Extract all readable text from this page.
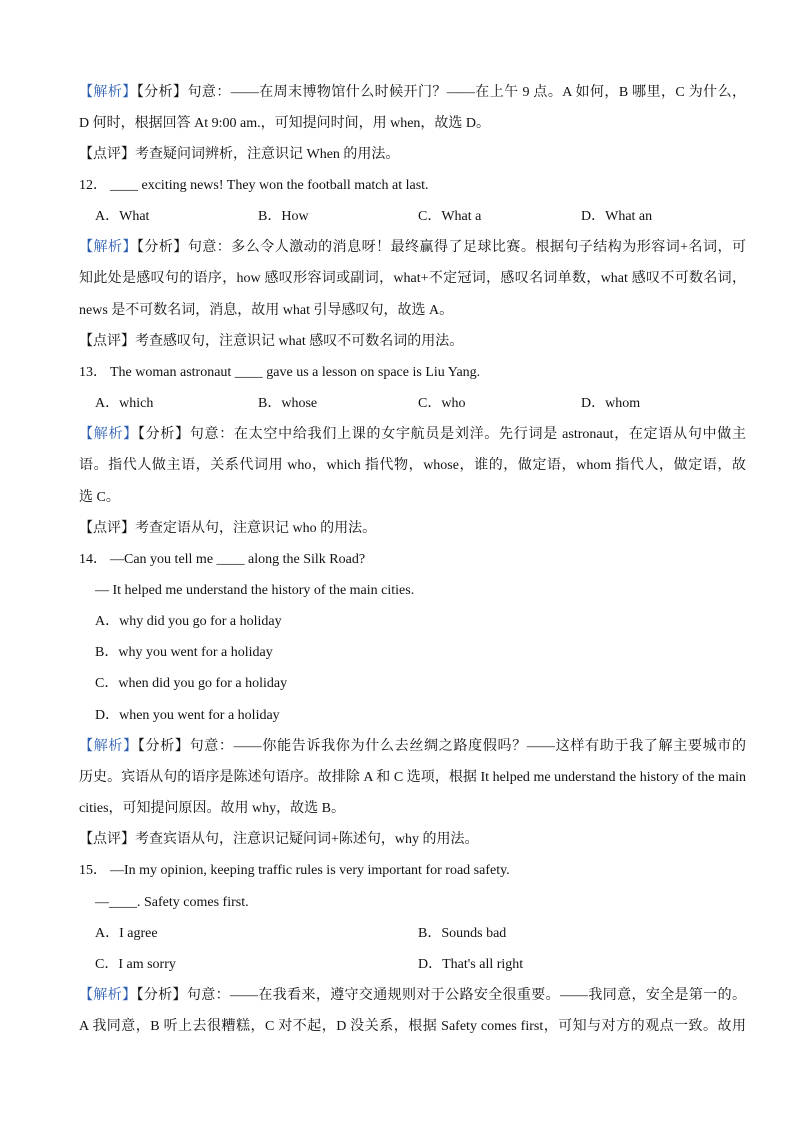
【解析】【分析】句意：——在周末博物馆什么时候开门？——在上午 9 点。A 如何，B 哪里，C 为什么，
D 何时，根据回答 At 9:00 am.，可知提问时间，用 when，故选 D。
【点评】考查疑问词辨析，注意识记 When 的用法。
12． ____ exciting news! They won the football match at last.
A．What	B．How	C．What a	D．What an
【解析】【分析】句意：多么令人激动的消息呀！最终赢得了足球比赛。根据句子结构为形容词+名词，可
知此处是感叹句的语序，how 感叹形容词或副词，what+不定冠词，感叹名词单数，what 感叹不可数名词，
news 是不可数名词，消息，故用 what 引导感叹句，故选 A。
【点评】考查感叹句，注意识记 what 感叹不可数名词的用法。
13． The woman astronaut ____ gave us a lesson on space is Liu Yang.
A．which	B．whose	C．who	D．whom
【解析】【分析】句意：在太空中给我们上课的女宇航员是刘洋。先行词是 astronaut，在定语从句中做主
语。指代人做主语，关系代词用 who，which 指代物，whose，谁的，做定语，whom 指代人，做定语，故
选 C。
【点评】考查定语从句，注意识记 who 的用法。
14． —Can you tell me ____ along the Silk Road?
— It helped me understand the history of the main cities.
A．why did you go for a holiday
B．why you went for a holiday
C．when did you go for a holiday
D．when you went for a holiday
【解析】【分析】句意：——你能告诉我你为什么去丝绸之路度假吗？——这样有助于我了解主要城市的
历史。宾语从句的语序是陈述句语序。故排除 A 和 C 选项，根据 It helped me understand the history of the main
cities，可知提问原因。故用 why，故选 B。
【点评】考查宾语从句，注意识记疑问词+陈述句，why 的用法。
15． —In my opinion, keeping traffic rules is very important for road safety.
—____. Safety comes first.
A．I agree	B．Sounds bad
C．I am sorry	D．That's all right
【解析】【分析】句意：——在我看来，遵守交通规则对于公路安全很重要。——我同意，安全是第一的。
A 我同意，B 听上去很糟糕，C 对不起，D 没关系，根据 Safety comes first，可知与对方的观点一致。故用
